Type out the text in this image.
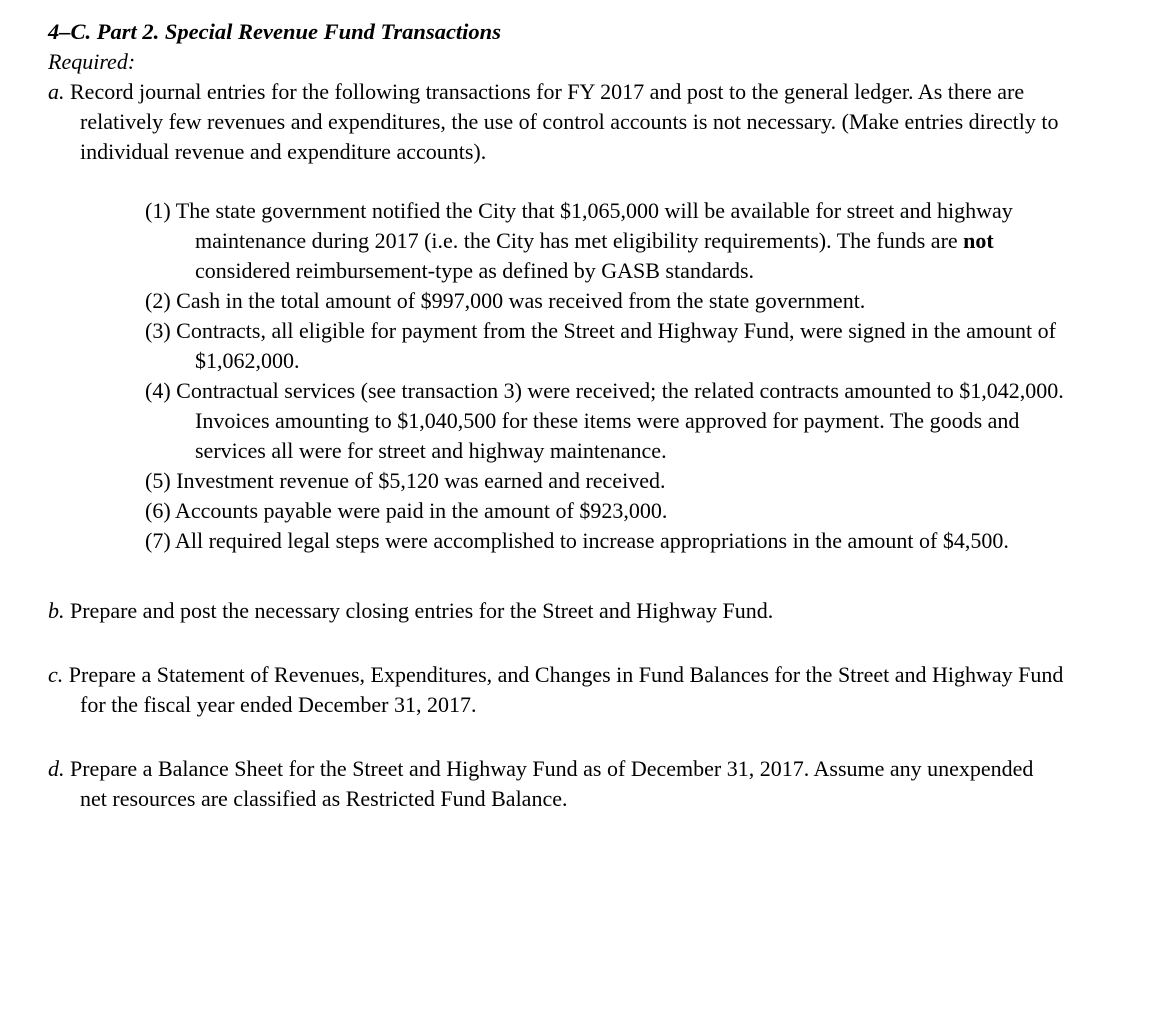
4–C. Part 2. Special Revenue Fund Transactions

Required:

a. Record journal entries for the following transactions for FY 2017 and post to the general ledger. As there are relatively few revenues and expenditures, the use of control accounts is not necessary. (Make entries directly to individual revenue and expenditure accounts).

(1) The state government notified the City that $1,065,000 will be available for street and highway maintenance during 2017 (i.e. the City has met eligibility requirements). The funds are not considered reimbursement-type as defined by GASB standards.
(2) Cash in the total amount of $997,000 was received from the state government.
(3) Contracts, all eligible for payment from the Street and Highway Fund, were signed in the amount of $1,062,000.
(4) Contractual services (see transaction 3) were received; the related contracts amounted to $1,042,000. Invoices amounting to $1,040,500 for these items were approved for payment. The goods and services all were for street and highway maintenance.
(5) Investment revenue of $5,120 was earned and received.
(6) Accounts payable were paid in the amount of $923,000.
(7) All required legal steps were accomplished to increase appropriations in the amount of $4,500.

b. Prepare and post the necessary closing entries for the Street and Highway Fund.

c. Prepare a Statement of Revenues, Expenditures, and Changes in Fund Balances for the Street and Highway Fund for the fiscal year ended December 31, 2017.

d. Prepare a Balance Sheet for the Street and Highway Fund as of December 31, 2017. Assume any unexpended net resources are classified as Restricted Fund Balance.
